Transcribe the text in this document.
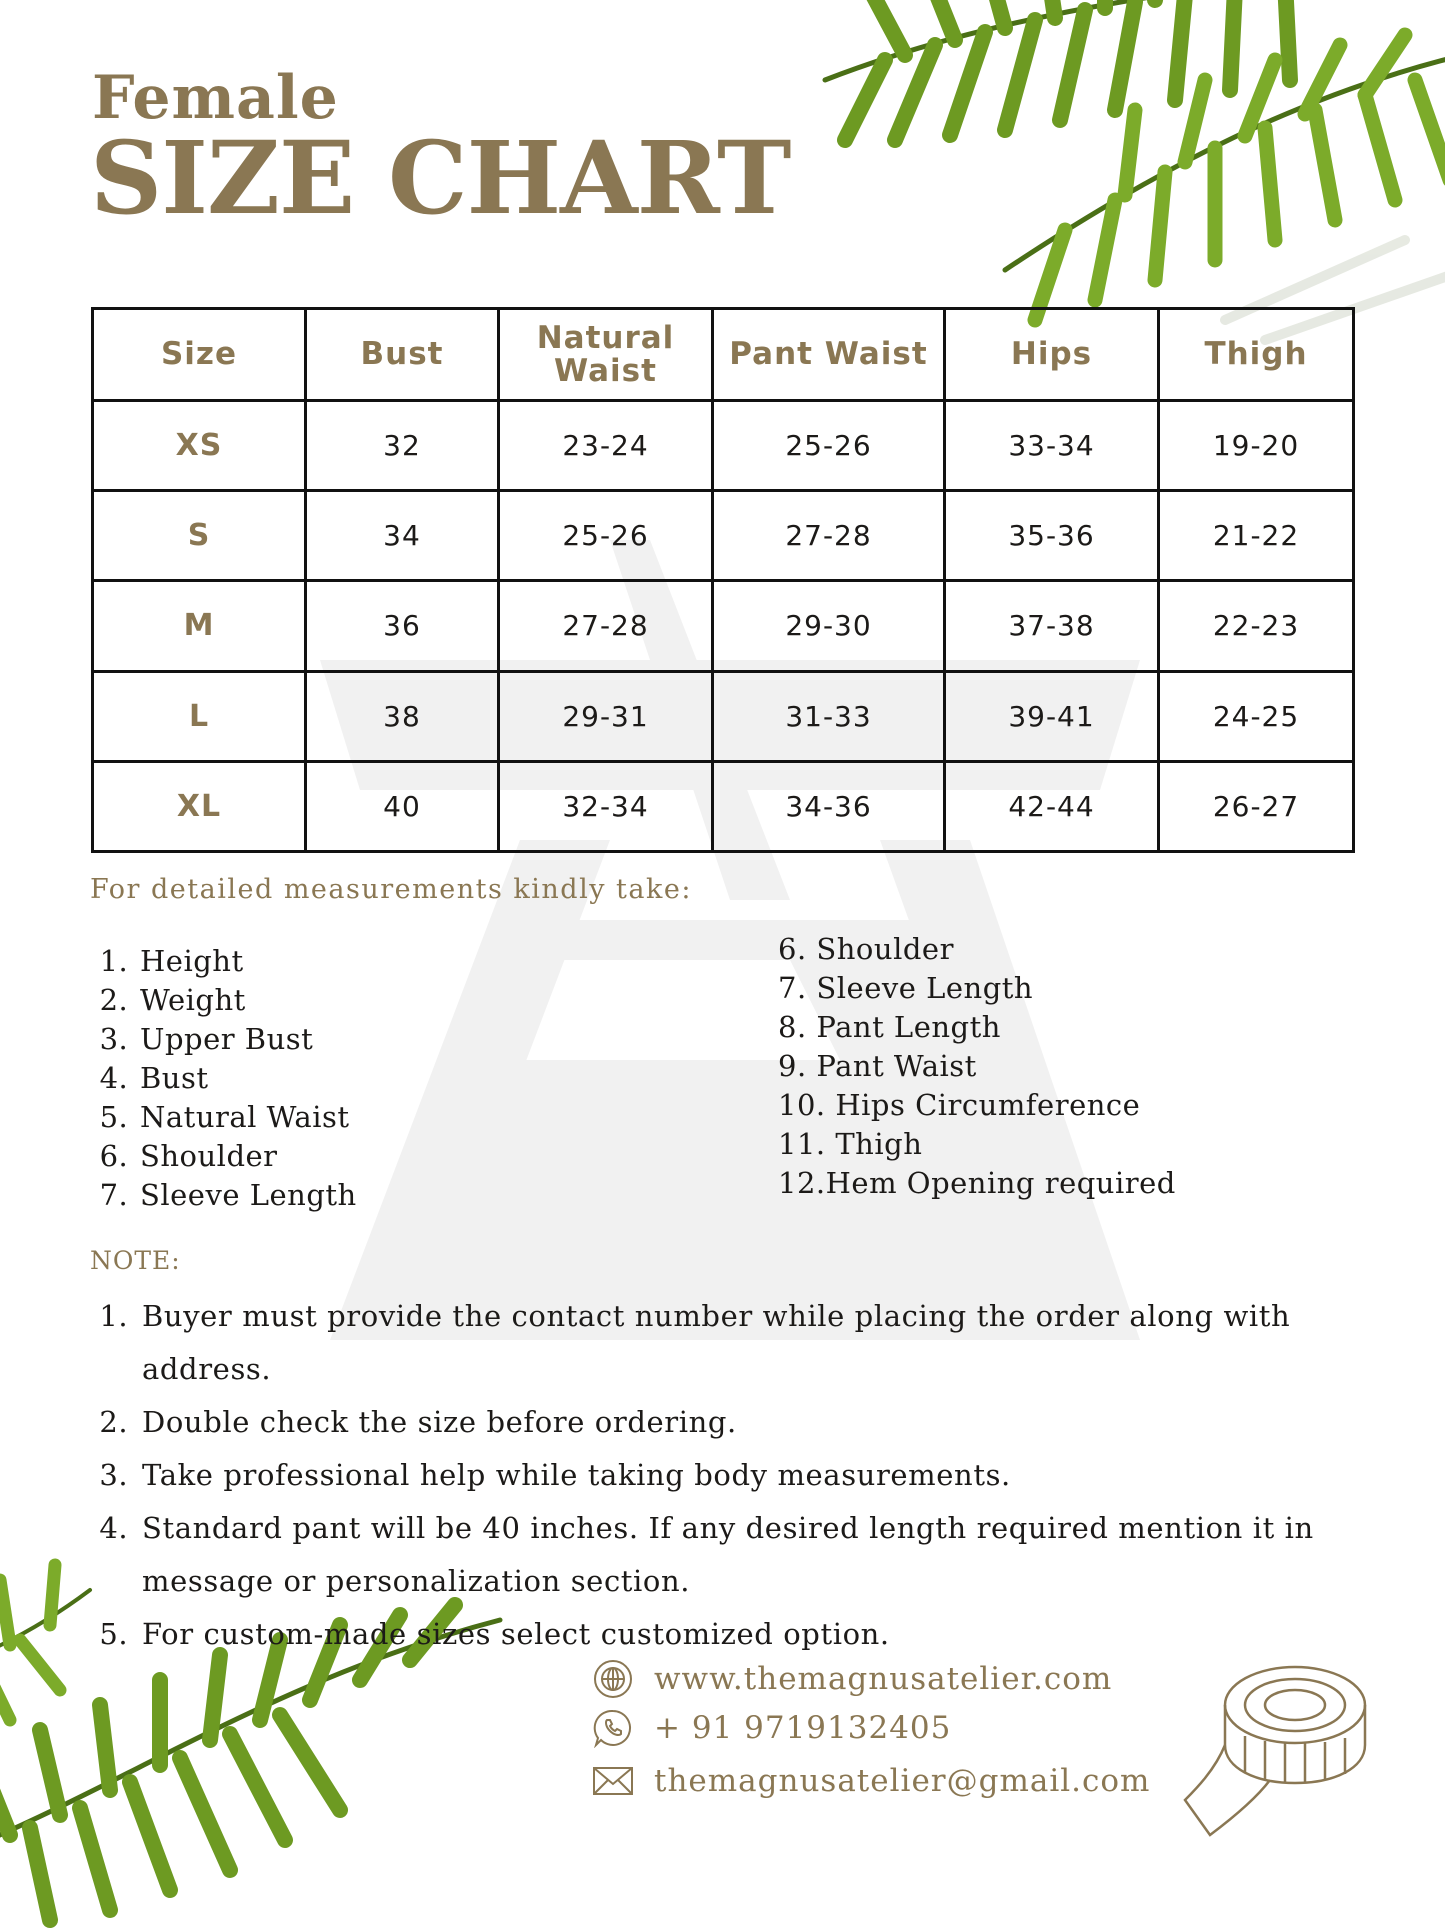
Female
SIZE CHART
Size	Bust	Natural Waist	Pant Waist	Hips	Thigh
XS	32	23-24	25-26	33-34	19-20
S	34	25-26	27-28	35-36	21-22
M	36	27-28	29-30	37-38	22-23
L	38	29-31	31-33	39-41	24-25
XL	40	32-34	34-36	42-44	26-27

For detailed measurements kindly take:

1. Height
2. Weight
3. Upper Bust
4. Bust
5. Natural Waist
6. Shoulder
7. Sleeve Length
6. Shoulder
7. Sleeve Length
8. Pant Length
9. Pant Waist
10. Hips Circumference
11. Thigh
12.Hem Opening required

NOTE:

1. Buyer must provide the contact number while placing the order along with address.
2. Double check the size before ordering.
3. Take professional help while taking body measurements.
4. Standard pant will be 40 inches. If any desired length required mention it in message or personalization section.
5. For custom-made sizes select customized option.
www.themagnusatelier.com
+ 91 9719132405
themagnusatelier@gmail.com
